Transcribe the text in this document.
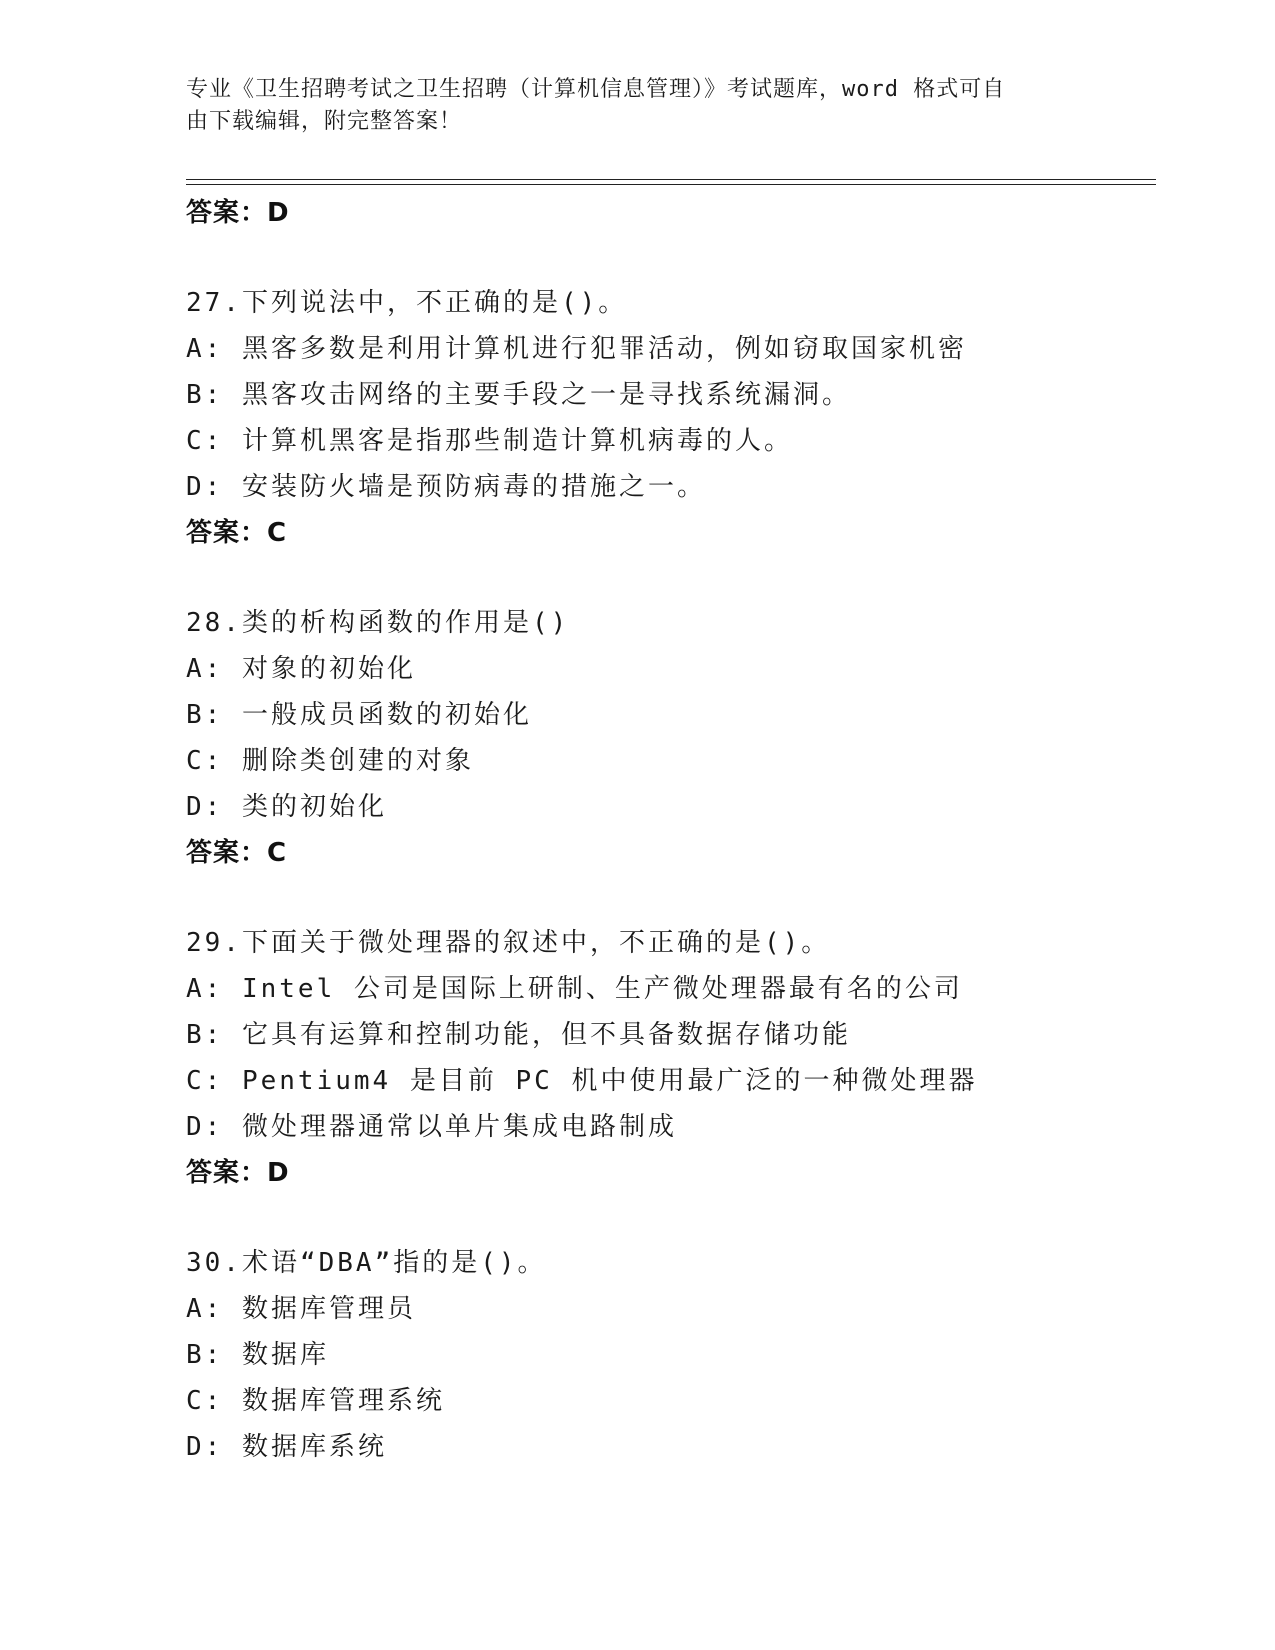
专业《卫生招聘考试之卫生招聘（计算机信息管理）》考试题库，word 格式可自
由下载编辑，附完整答案！
答案：D
27.下列说法中，不正确的是()。
A: 黑客多数是利用计算机进行犯罪活动，例如窃取国家机密
B: 黑客攻击网络的主要手段之一是寻找系统漏洞。
C: 计算机黑客是指那些制造计算机病毒的人。
D: 安装防火墙是预防病毒的措施之一。
答案：C
28.类的析构函数的作用是()
A: 对象的初始化
B: 一般成员函数的初始化
C: 删除类创建的对象
D: 类的初始化
答案：C
29.下面关于微处理器的叙述中，不正确的是()。
A: Intel 公司是国际上研制、生产微处理器最有名的公司
B: 它具有运算和控制功能，但不具备数据存储功能
C: Pentium4 是目前 PC 机中使用最广泛的一种微处理器
D: 微处理器通常以单片集成电路制成
答案：D
30.术语“DBA”指的是()。
A: 数据库管理员
B: 数据库
C: 数据库管理系统
D: 数据库系统
